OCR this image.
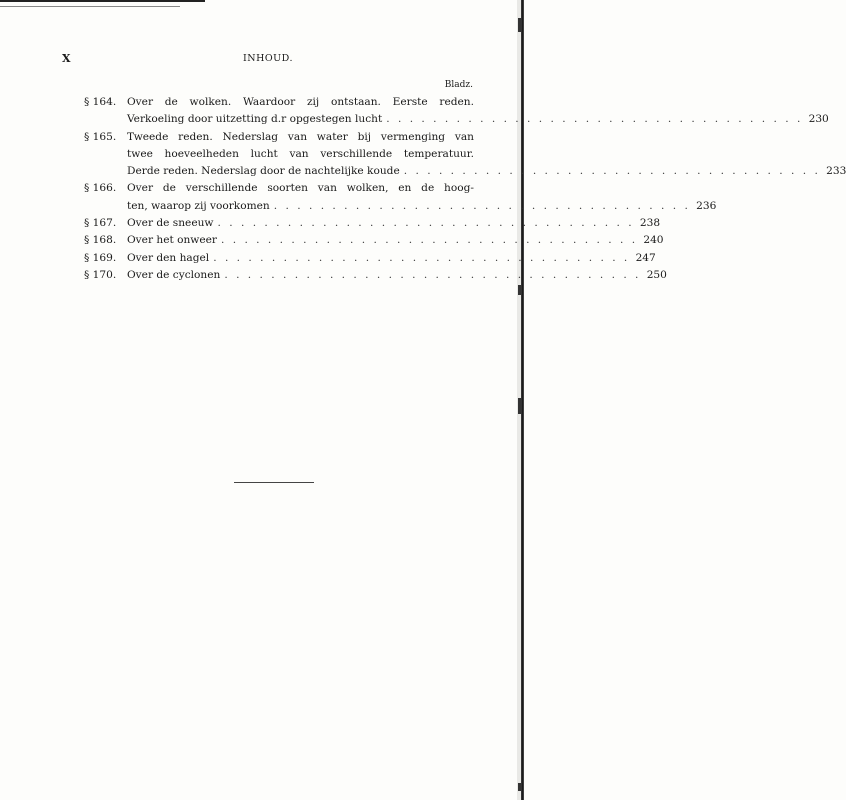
X	INHOUD.
Bladz.
§ 164.	Over de wolken. Waardoor zij ontstaan. Eerste reden.
Verkoeling door uitzetting d.r opgestegen lucht . . . . . . . . . . . . . . . . . . . . . . . . . . . . . . . . . . . . 230
§ 165.	Tweede reden. Nederslag van water bij vermenging van
twee hoeveelheden lucht van verschillende temperatuur.
Derde reden. Nederslag door de nachtelijke koude . . . . . . . . . . . . . . . . . . . . . . . . . . . . . . . . . . . . 233
§ 166.	Over de verschillende soorten van wolken, en de hoog-
ten, waarop zij voorkomen . . . . . . . . . . . . . . . . . . . . . . . . . . . . . . . . . . . . 236
§ 167.	Over de sneeuw . . . . . . . . . . . . . . . . . . . . . . . . . . . . . . . . . . . . 238
§ 168.	Over het onweer . . . . . . . . . . . . . . . . . . . . . . . . . . . . . . . . . . . . 240
§ 169.	Over den hagel . . . . . . . . . . . . . . . . . . . . . . . . . . . . . . . . . . . . 247
§ 170.	Over de cyclonen . . . . . . . . . . . . . . . . . . . . . . . . . . . . . . . . . . . . 250
